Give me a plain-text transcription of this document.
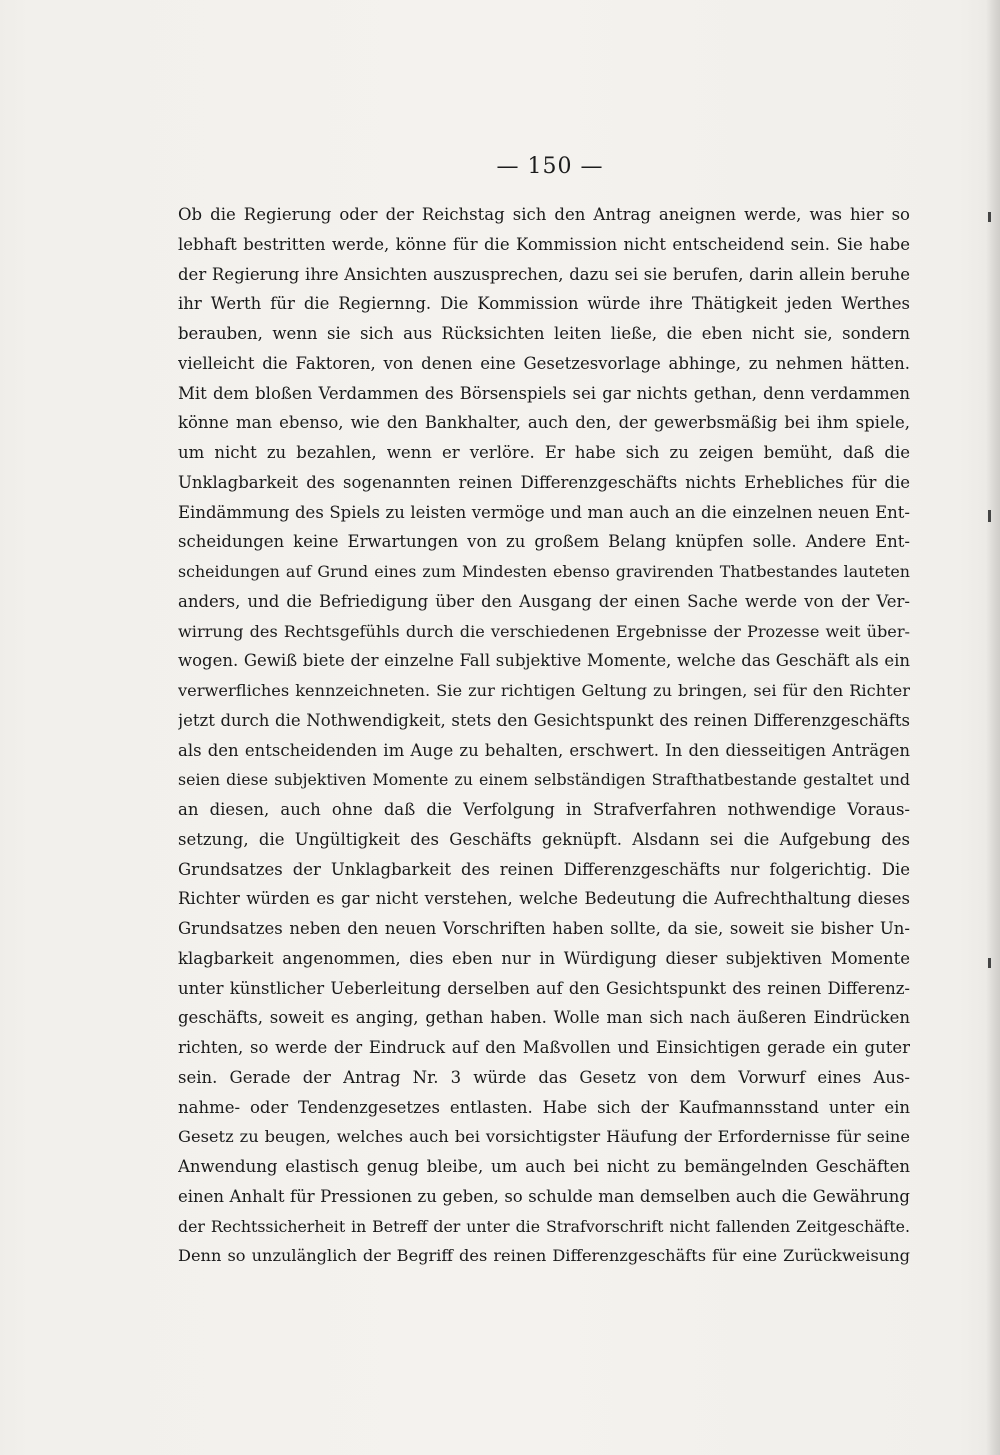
— 150 —
Ob die Regierung oder der Reichstag sich den Antrag aneignen werde, was hier so
lebhaft bestritten werde, könne für die Kommission nicht entscheidend sein. Sie habe
der Regierung ihre Ansichten auszusprechen, dazu sei sie berufen, darin allein beruhe
ihr Werth für die Regiernng. Die Kommission würde ihre Thätigkeit jeden Werthes
berauben, wenn sie sich aus Rücksichten leiten ließe, die eben nicht sie, sondern
vielleicht die Faktoren, von denen eine Gesetzesvorlage abhinge, zu nehmen hätten.
Mit dem bloßen Verdammen des Börsenspiels sei gar nichts gethan, denn verdammen
könne man ebenso, wie den Bankhalter, auch den, der gewerbsmäßig bei ihm spiele,
um nicht zu bezahlen, wenn er verlöre. Er habe sich zu zeigen bemüht, daß die
Unklagbarkeit des sogenannten reinen Differenzgeschäfts nichts Erhebliches für die
Eindämmung des Spiels zu leisten vermöge und man auch an die einzelnen neuen Ent-
scheidungen keine Erwartungen von zu großem Belang knüpfen solle. Andere Ent-
scheidungen auf Grund eines zum Mindesten ebenso gravirenden Thatbestandes lauteten
anders, und die Befriedigung über den Ausgang der einen Sache werde von der Ver-
wirrung des Rechtsgefühls durch die verschiedenen Ergebnisse der Prozesse weit über-
wogen. Gewiß biete der einzelne Fall subjektive Momente, welche das Geschäft als ein
verwerfliches kennzeichneten. Sie zur richtigen Geltung zu bringen, sei für den Richter
jetzt durch die Nothwendigkeit, stets den Gesichtspunkt des reinen Differenzgeschäfts
als den entscheidenden im Auge zu behalten, erschwert. In den diesseitigen Anträgen
seien diese subjektiven Momente zu einem selbständigen Strafthatbestande gestaltet und
an diesen, auch ohne daß die Verfolgung in Strafverfahren nothwendige Voraus-
setzung, die Ungültigkeit des Geschäfts geknüpft. Alsdann sei die Aufgebung des
Grundsatzes der Unklagbarkeit des reinen Differenzgeschäfts nur folgerichtig. Die
Richter würden es gar nicht verstehen, welche Bedeutung die Aufrechthaltung dieses
Grundsatzes neben den neuen Vorschriften haben sollte, da sie, soweit sie bisher Un-
klagbarkeit angenommen, dies eben nur in Würdigung dieser subjektiven Momente
unter künstlicher Ueberleitung derselben auf den Gesichtspunkt des reinen Differenz-
geschäfts, soweit es anging, gethan haben. Wolle man sich nach äußeren Eindrücken
richten, so werde der Eindruck auf den Maßvollen und Einsichtigen gerade ein guter
sein. Gerade der Antrag Nr. 3 würde das Gesetz von dem Vorwurf eines Aus-
nahme- oder Tendenzgesetzes entlasten. Habe sich der Kaufmannsstand unter ein
Gesetz zu beugen, welches auch bei vorsichtigster Häufung der Erfordernisse für seine
Anwendung elastisch genug bleibe, um auch bei nicht zu bemängelnden Geschäften
einen Anhalt für Pressionen zu geben, so schulde man demselben auch die Gewährung
der Rechtssicherheit in Betreff der unter die Strafvorschrift nicht fallenden Zeitgeschäfte.
Denn so unzulänglich der Begriff des reinen Differenzgeschäfts für eine Zurückweisung
